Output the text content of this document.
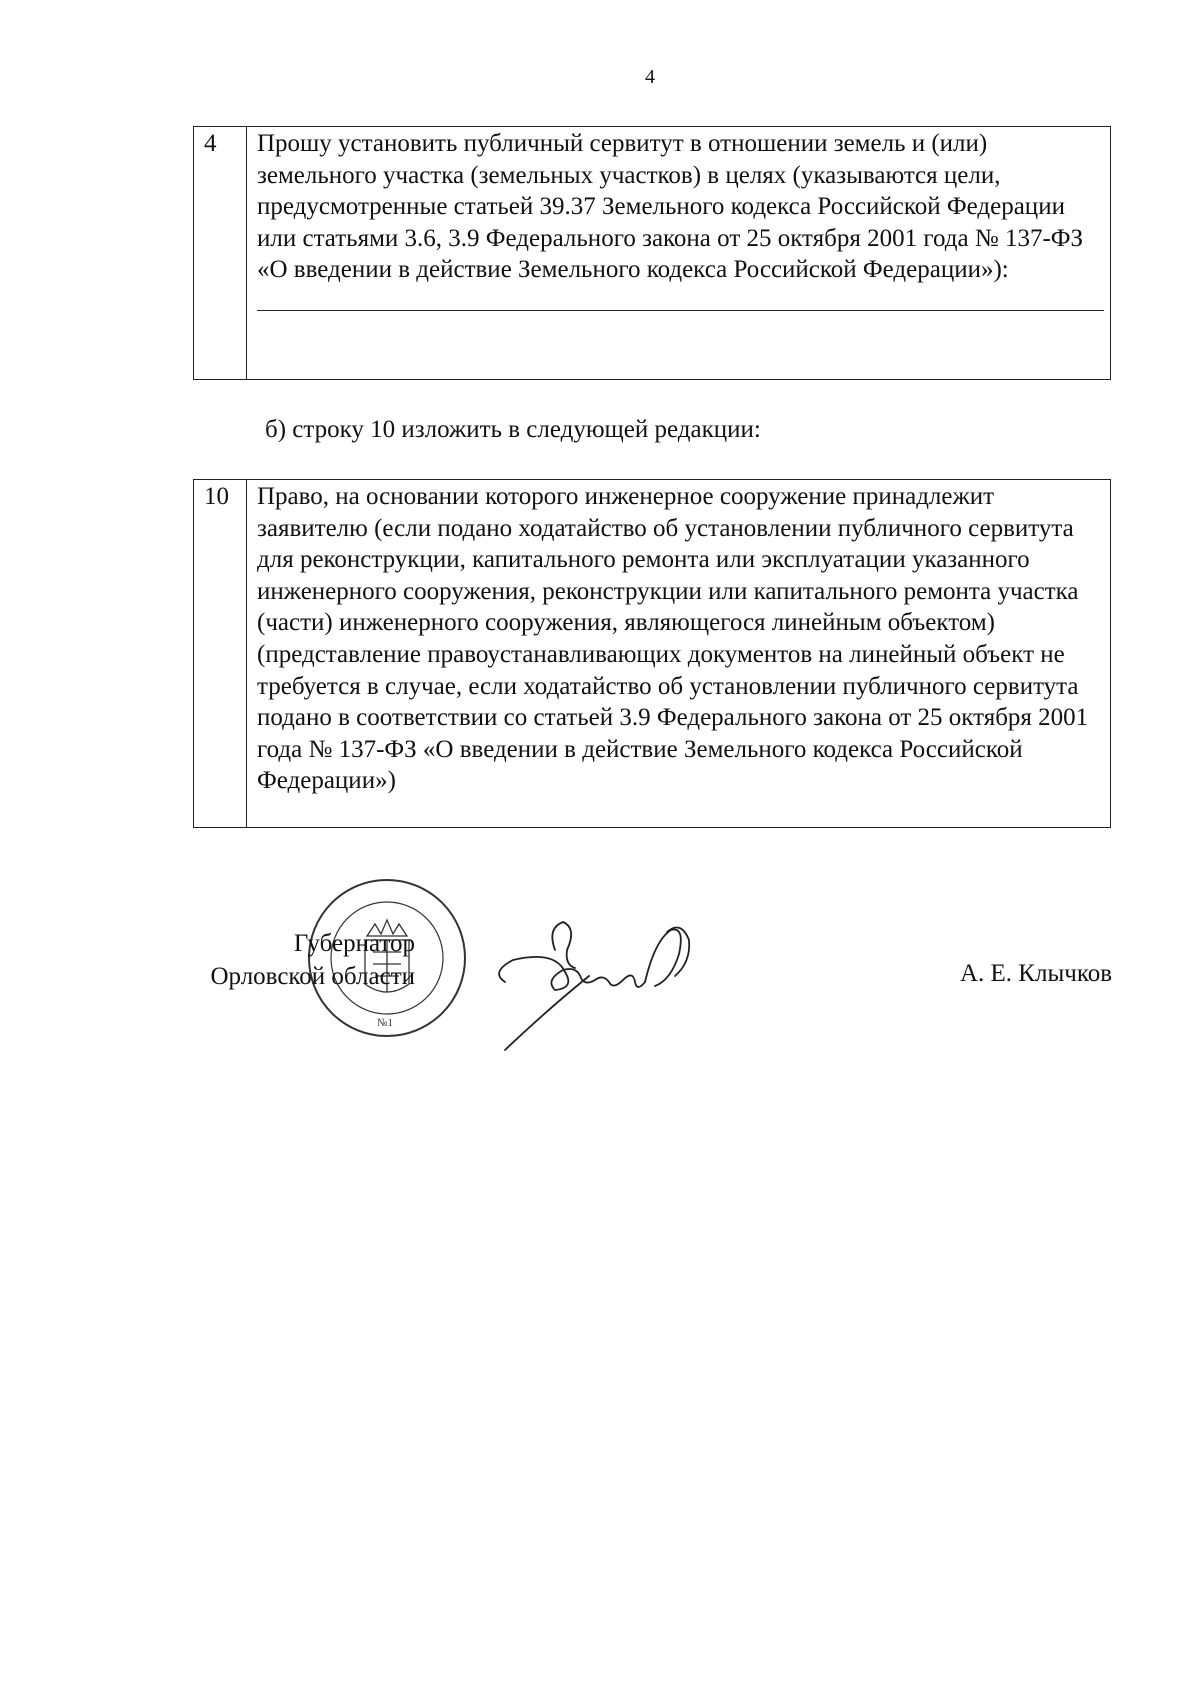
4
4	Прошу установить публичный сервитут в отношении земель и (или) земельного участка (земельных участков) в целях (указываются цели, предусмотренные статьей 39.37 Земельного кодекса Российской Федерации или статьями 3.6, 3.9 Федерального закона от 25 октября 2001 года № 137-ФЗ «О введении в действие Земельного кодекса Российской Федерации»):
б) строку 10 изложить в следующей редакции:
10	Право, на основании которого инженерное сооружение принадлежит заявителю (если подано ходатайство об установлении публичного сервитута для реконструкции, капитального ремонта или эксплуатации указанного инженерного сооружения, реконструкции или капитального ремонта участка (части) инженерного сооружения, являющегося линейным объектом) (представление правоустанавливающих документов на линейный объект не требуется в случае, если ходатайство об установлении публичного сервитута подано в соответствии со статьей 3.9 Федерального закона от 25 октября 2001 года № 137-ФЗ «О введении в действие Земельного кодекса Российской Федерации»)
№1
Губернатор
Орловской области	А. Е. Клычков
